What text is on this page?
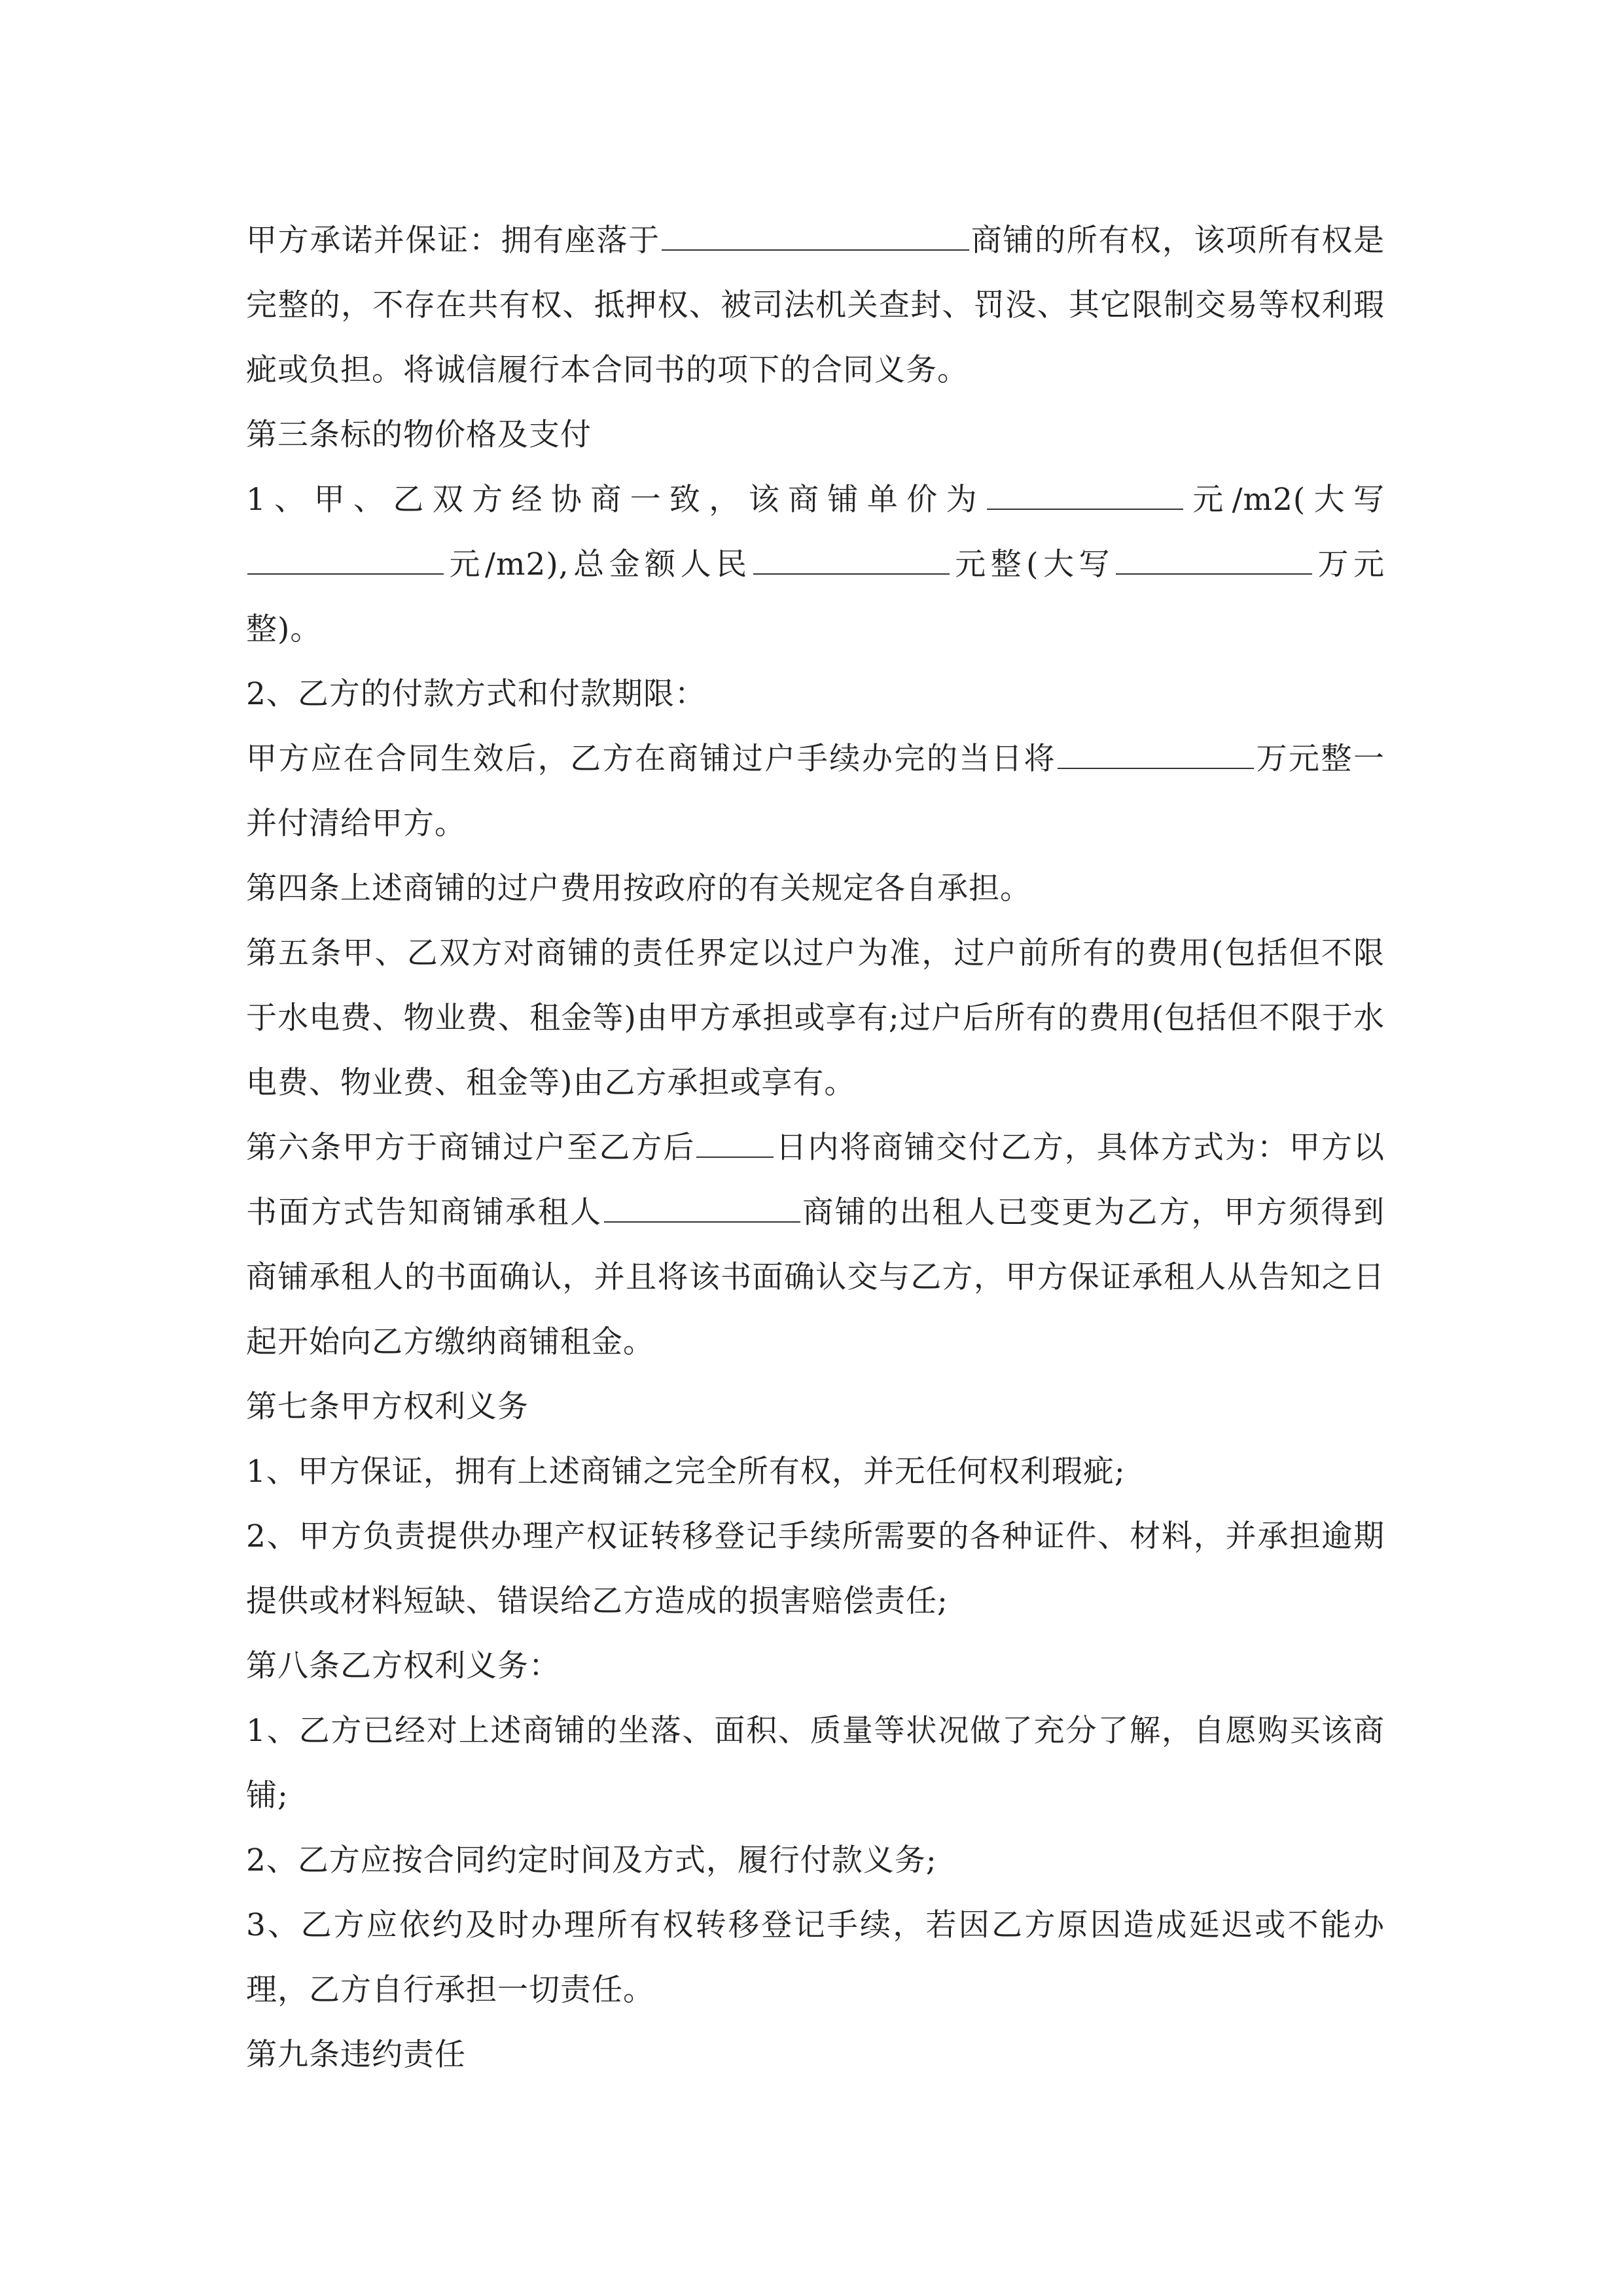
甲方承诺并保证：拥有座落于	商铺的所有权，该项所有权是完整的，不存在共有权、抵押权、被司法机关查封、罚没、其它限制交易等权利瑕疵或负担。将诚信履行本合同书的项下的合同义务。

第三条标的物价格及支付

1、甲、乙双方经协商一致，该商铺单价为	元/m2(大写元/m2),总金额人民	元整(大写	万元整)。

2、乙方的付款方式和付款期限：

甲方应在合同生效后，乙方在商铺过户手续办完的当日将	万元整一并付清给甲方。

第四条上述商铺的过户费用按政府的有关规定各自承担。

第五条甲、乙双方对商铺的责任界定以过户为准，过户前所有的费用(包括但不限于水电费、物业费、租金等)由甲方承担或享有;过户后所有的费用(包括但不限于水电费、物业费、租金等)由乙方承担或享有。

第六条甲方于商铺过户至乙方后	日内将商铺交付乙方，具体方式为：甲方以书面方式告知商铺承租人	商铺的出租人已变更为乙方，甲方须得到商铺承租人的书面确认，并且将该书面确认交与乙方，甲方保证承租人从告知之日起开始向乙方缴纳商铺租金。

第七条甲方权利义务

1、甲方保证，拥有上述商铺之完全所有权，并无任何权利瑕疵;

2、甲方负责提供办理产权证转移登记手续所需要的各种证件、材料，并承担逾期提供或材料短缺、错误给乙方造成的损害赔偿责任;

第八条乙方权利义务：

1、乙方已经对上述商铺的坐落、面积、质量等状况做了充分了解，自愿购买该商铺;

2、乙方应按合同约定时间及方式，履行付款义务;

3、乙方应依约及时办理所有权转移登记手续，若因乙方原因造成延迟或不能办理，乙方自行承担一切责任。

第九条违约责任
